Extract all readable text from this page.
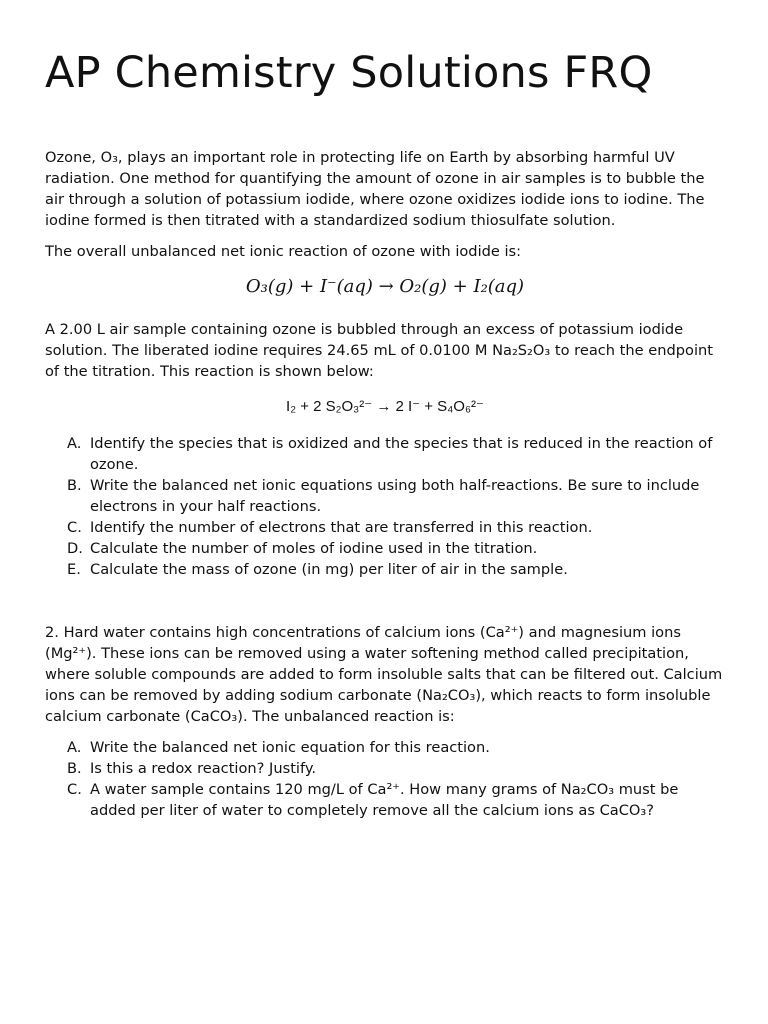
AP Chemistry Solutions FRQ

Ozone, O₃, plays an important role in protecting life on Earth by absorbing harmful UV radiation. One method for quantifying the amount of ozone in air samples is to bubble the air through a solution of potassium iodide, where ozone oxidizes iodide ions to iodine. The iodine formed is then titrated with a standardized sodium thiosulfate solution.

The overall unbalanced net ionic reaction of ozone with iodide is:

O₃(g) + I⁻(aq) → O₂(g) + I₂(aq)

A 2.00 L air sample containing ozone is bubbled through an excess of potassium iodide solution. The liberated iodine requires 24.65 mL of 0.0100 M Na₂S₂O₃ to reach the endpoint of the titration. This reaction is shown below:

I₂ + 2 S₂O₃²⁻ → 2 I⁻ + S₄O₆²⁻
A. Identify the species that is oxidized and the species that is reduced in the reaction of ozone.
B. Write the balanced net ionic equations using both half-reactions. Be sure to include electrons in your half reactions.
C. Identify the number of electrons that are transferred in this reaction.
D. Calculate the number of moles of iodine used in the titration.
E. Calculate the mass of ozone (in mg) per liter of air in the sample.

2. Hard water contains high concentrations of calcium ions (Ca²⁺) and magnesium ions (Mg²⁺). These ions can be removed using a water softening method called precipitation, where soluble compounds are added to form insoluble salts that can be filtered out. Calcium ions can be removed by adding sodium carbonate (Na₂CO₃), which reacts to form insoluble calcium carbonate (CaCO₃). The unbalanced reaction is:

A. Write the balanced net ionic equation for this reaction.
B. Is this a redox reaction? Justify.
C. A water sample contains 120 mg/L of Ca²⁺. How many grams of Na₂CO₃ must be added per liter of water to completely remove all the calcium ions as CaCO₃?
